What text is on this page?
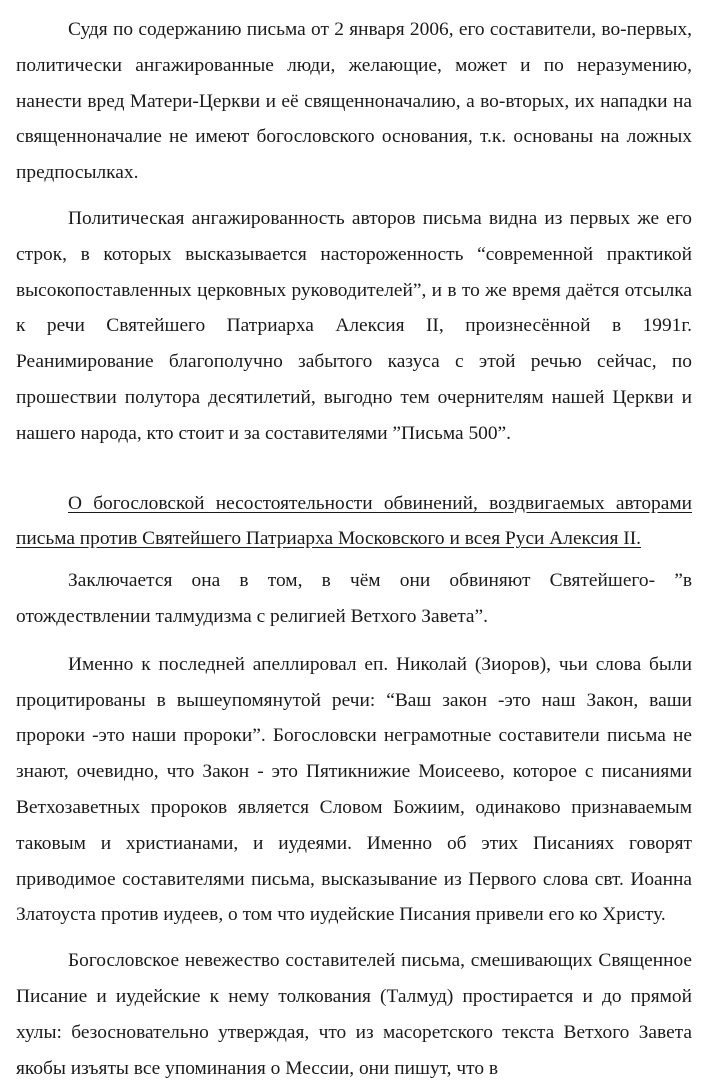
Судя по содержанию письма от 2 января 2006, его составители, во-первых, политически ангажированные люди, желающие, может и по неразумению, нанести вред Матери-Церкви и её священноначалию, а во-вторых, их нападки на священноначалие не имеют богословского основания, т.к. основаны на ложных предпосылках.

Политическая ангажированность авторов письма видна из первых же его строк, в которых высказывается настороженность “современной практикой высокопоставленных церковных руководителей”, и в то же время даётся отсылка к речи Святейшего Патриарха Алексия II, произнесённой в 1991г. Реанимирование благополучно забытого казуса с этой речью сейчас, по прошествии полутора десятилетий, выгодно тем очернителям нашей Церкви и нашего народа, кто стоит и за составителями ”Письма 500”.

О богословской несостоятельности обвинений, воздвигаемых авторами письма против Святейшего Патриарха Московского и всея Руси Алексия II.

Заключается она в том, в чём они обвиняют Святейшего- ”в отождествлении талмудизма с религией Ветхого Завета”.

Именно к последней апеллировал еп. Николай (Зиоров), чьи слова были процитированы в вышеупомянутой речи: “Ваш закон -это наш Закон, ваши пророки -это наши пророки”. Богословски неграмотные составители письма не знают, очевидно, что Закон - это Пятикнижие Моисеево, которое с писаниями Ветхозаветных пророков является Словом Божиим, одинаково признаваемым таковым и христианами, и иудеями. Именно об этих Писаниях говорят приводимое составителями письма, высказывание из Первого слова свт. Иоанна Златоуста против иудеев, о том что иудейские Писания привели его ко Христу.

Богословское невежество составителей письма, смешивающих Священное Писание и иудейские к нему толкования (Талмуд) простирается и до прямой хулы: безосновательно утверждая, что из масоретского текста Ветхого Завета якобы изъяты все упоминания о Мессии, они пишут, что в
